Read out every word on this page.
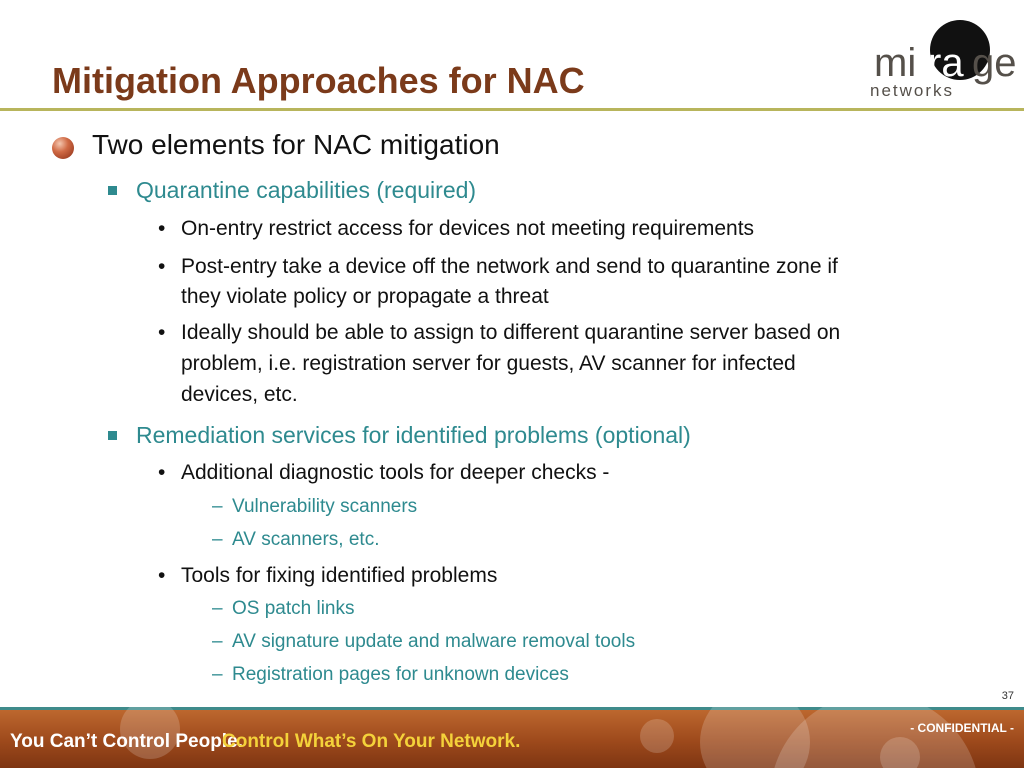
Mitigation Approaches for NAC	mi ra ge
networks
Two elements for NAC mitigation
Quarantine capabilities (required)
• On-entry restrict access for devices not meeting requirements
• Post-entry take a device off the network and send to quarantine zone if
they violate policy or propagate a threat
• Ideally should be able to assign to different quarantine server based on
problem, i.e. registration server for guests, AV scanner for infected
devices, etc.
Remediation services for identified problems (optional)
• Additional diagnostic tools for deeper checks -
– Vulnerability scanners
– AV scanners, etc.
• Tools for fixing identified problems
– OS patch links
– AV signature update and malware removal tools
– Registration pages for unknown devices
37
You Can’t Control People.
Control What’s On Your Network.
- CONFIDENTIAL -
